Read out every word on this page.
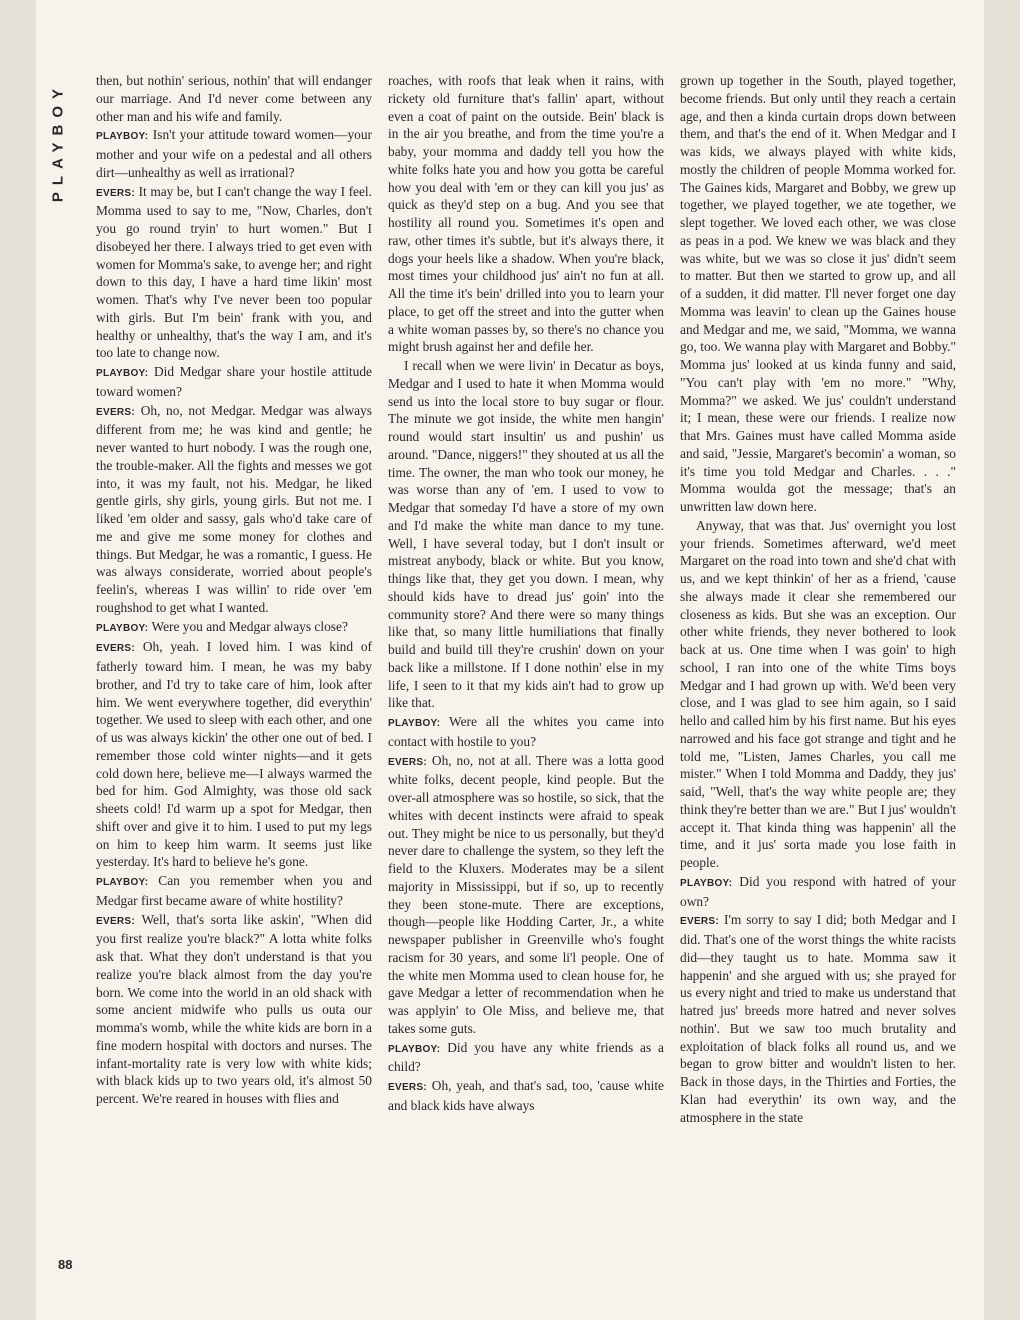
PLAYBOY

then, but nothin' serious, nothin' that will endanger our marriage. And I'd never come between any other man and his wife and family.

PLAYBOY: Isn't your attitude toward women—your mother and your wife on a pedestal and all others dirt—unhealthy as well as irrational?

EVERS: It may be, but I can't change the way I feel. Momma used to say to me, "Now, Charles, don't you go round tryin' to hurt women." But I disobeyed her there. I always tried to get even with women for Momma's sake, to avenge her; and right down to this day, I have a hard time likin' most women. That's why I've never been too popular with girls. But I'm bein' frank with you, and healthy or unhealthy, that's the way I am, and it's too late to change now.

PLAYBOY: Did Medgar share your hostile attitude toward women?

EVERS: Oh, no, not Medgar. Medgar was always different from me; he was kind and gentle; he never wanted to hurt nobody. I was the rough one, the trouble-maker. All the fights and messes we got into, it was my fault, not his. Medgar, he liked gentle girls, shy girls, young girls. But not me. I liked 'em older and sassy, gals who'd take care of me and give me some money for clothes and things. But Medgar, he was a romantic, I guess. He was always considerate, worried about people's feelin's, whereas I was willin' to ride over 'em roughshod to get what I wanted.

PLAYBOY: Were you and Medgar always close?

EVERS: Oh, yeah. I loved him. I was kind of fatherly toward him. I mean, he was my baby brother, and I'd try to take care of him, look after him. We went everywhere together, did everythin' together. We used to sleep with each other, and one of us was always kickin' the other one out of bed. I remember those cold winter nights—and it gets cold down here, believe me—I always warmed the bed for him. God Almighty, was those old sack sheets cold! I'd warm up a spot for Medgar, then shift over and give it to him. I used to put my legs on him to keep him warm. It seems just like yesterday. It's hard to believe he's gone.

PLAYBOY: Can you remember when you and Medgar first became aware of white hostility?

EVERS: Well, that's sorta like askin', "When did you first realize you're black?" A lotta white folks ask that. What they don't understand is that you realize you're black almost from the day you're born. We come into the world in an old shack with some ancient midwife who pulls us outa our momma's womb, while the white kids are born in a fine modern hospital with doctors and nurses. The infant-mortality rate is very low with white kids; with black kids up to two years old, it's almost 50 percent. We're reared in houses with flies and

roaches, with roofs that leak when it rains, with rickety old furniture that's fallin' apart, without even a coat of paint on the outside. Bein' black is in the air you breathe, and from the time you're a baby, your momma and daddy tell you how the white folks hate you and how you gotta be careful how you deal with 'em or they can kill you jus' as quick as they'd step on a bug. And you see that hostility all round you. Sometimes it's open and raw, other times it's subtle, but it's always there, it dogs your heels like a shadow. When you're black, most times your childhood jus' ain't no fun at all. All the time it's bein' drilled into you to learn your place, to get off the street and into the gutter when a white woman passes by, so there's no chance you might brush against her and defile her.

I recall when we were livin' in Decatur as boys, Medgar and I used to hate it when Momma would send us into the local store to buy sugar or flour. The minute we got inside, the white men hangin' round would start insultin' us and pushin' us around. "Dance, niggers!" they shouted at us all the time. The owner, the man who took our money, he was worse than any of 'em. I used to vow to Medgar that someday I'd have a store of my own and I'd make the white man dance to my tune. Well, I have several today, but I don't insult or mistreat anybody, black or white. But you know, things like that, they get you down. I mean, why should kids have to dread jus' goin' into the community store? And there were so many things like that, so many little humiliations that finally build and build till they're crushin' down on your back like a millstone. If I done nothin' else in my life, I seen to it that my kids ain't had to grow up like that.

PLAYBOY: Were all the whites you came into contact with hostile to you?

EVERS: Oh, no, not at all. There was a lotta good white folks, decent people, kind people. But the over-all atmosphere was so hostile, so sick, that the whites with decent instincts were afraid to speak out. They might be nice to us personally, but they'd never dare to challenge the system, so they left the field to the Kluxers. Moderates may be a silent majority in Mississippi, but if so, up to recently they been stone-mute. There are exceptions, though—people like Hodding Carter, Jr., a white newspaper publisher in Greenville who's fought racism for 30 years, and some li'l people. One of the white men Momma used to clean house for, he gave Medgar a letter of recommendation when he was applyin' to Ole Miss, and believe me, that takes some guts.

PLAYBOY: Did you have any white friends as a child?

EVERS: Oh, yeah, and that's sad, too, 'cause white and black kids have always

grown up together in the South, played together, become friends. But only until they reach a certain age, and then a kinda curtain drops down between them, and that's the end of it. When Medgar and I was kids, we always played with white kids, mostly the children of people Momma worked for. The Gaines kids, Margaret and Bobby, we grew up together, we played together, we ate together, we slept together. We loved each other, we was close as peas in a pod. We knew we was black and they was white, but we was so close it jus' didn't seem to matter. But then we started to grow up, and all of a sudden, it did matter. I'll never forget one day Momma was leavin' to clean up the Gaines house and Medgar and me, we said, "Momma, we wanna go, too. We wanna play with Margaret and Bobby." Momma jus' looked at us kinda funny and said, "You can't play with 'em no more." "Why, Momma?" we asked. We jus' couldn't understand it; I mean, these were our friends. I realize now that Mrs. Gaines must have called Momma aside and said, "Jessie, Margaret's becomin' a woman, so it's time you told Medgar and Charles. . . ." Momma woulda got the message; that's an unwritten law down here.

Anyway, that was that. Jus' overnight you lost your friends. Sometimes afterward, we'd meet Margaret on the road into town and she'd chat with us, and we kept thinkin' of her as a friend, 'cause she always made it clear she remembered our closeness as kids. But she was an exception. Our other white friends, they never bothered to look back at us. One time when I was goin' to high school, I ran into one of the white Tims boys Medgar and I had grown up with. We'd been very close, and I was glad to see him again, so I said hello and called him by his first name. But his eyes narrowed and his face got strange and tight and he told me, "Listen, James Charles, you call me mister." When I told Momma and Daddy, they jus' said, "Well, that's the way white people are; they think they're better than we are." But I jus' wouldn't accept it. That kinda thing was happenin' all the time, and it jus' sorta made you lose faith in people.

PLAYBOY: Did you respond with hatred of your own?

EVERS: I'm sorry to say I did; both Medgar and I did. That's one of the worst things the white racists did—they taught us to hate. Momma saw it happenin' and she argued with us; she prayed for us every night and tried to make us understand that hatred jus' breeds more hatred and never solves nothin'. But we saw too much brutality and exploitation of black folks all round us, and we began to grow bitter and wouldn't listen to her. Back in those days, in the Thirties and Forties, the Klan had everythin' its own way, and the atmosphere in the state

88
